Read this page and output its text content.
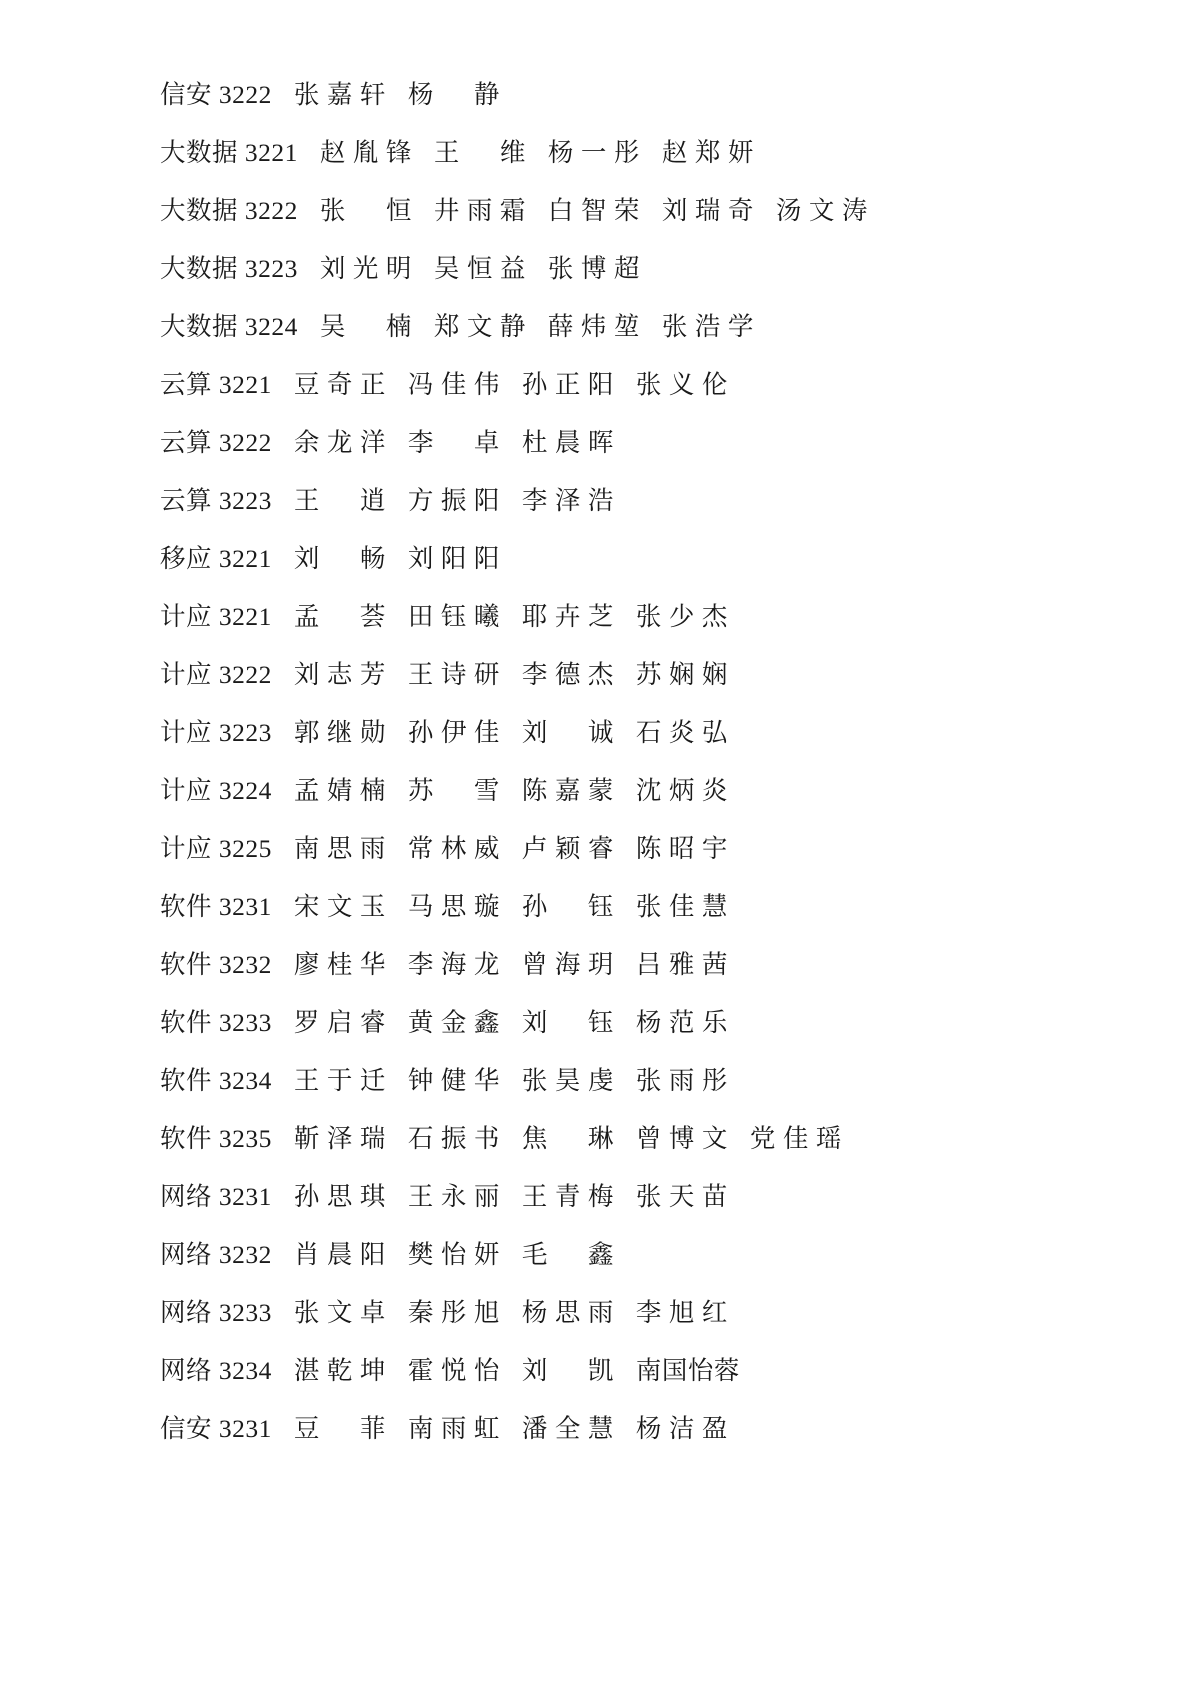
信安 3222 张嘉轩 杨　静
大数据 3221 赵胤锋 王　维 杨一彤 赵郑妍
大数据 3222 张　恒 井雨霜 白智荣 刘瑞奇 汤文涛
大数据 3223 刘光明 吴恒益 张博超
大数据 3224 吴　楠 郑文静 薛炜堃 张浩学
云算 3221 豆奇正 冯佳伟 孙正阳 张义伦
云算 3222 余龙洋 李　卓 杜晨晖
云算 3223 王　逍 方振阳 李泽浩
移应 3221 刘　畅 刘阳阳
计应 3221 孟　荟 田钰曦 耶卉芝 张少杰
计应 3222 刘志芳 王诗研 李德杰 苏娴娴
计应 3223 郭继勋 孙伊佳 刘　诚 石炎弘
计应 3224 孟婧楠 苏　雪 陈嘉蒙 沈炳炎
计应 3225 南思雨 常林威 卢颖睿 陈昭宇
软件 3231 宋文玉 马思璇 孙　钰 张佳慧
软件 3232 廖桂华 李海龙 曾海玥 吕雅茜
软件 3233 罗启睿 黄金鑫 刘　钰 杨范乐
软件 3234 王于迁 钟健华 张昊虔 张雨彤
软件 3235 靳泽瑞 石振书 焦　琳 曾博文 党佳瑶
网络 3231 孙思琪 王永丽 王青梅 张天苗
网络 3232 肖晨阳 樊怡妍 毛　鑫
网络 3233 张文卓 秦彤旭 杨思雨 李旭红
网络 3234 湛乾坤 霍悦怡 刘　凯 南国怡蓉
信安 3231 豆　菲 南雨虹 潘全慧 杨洁盈
